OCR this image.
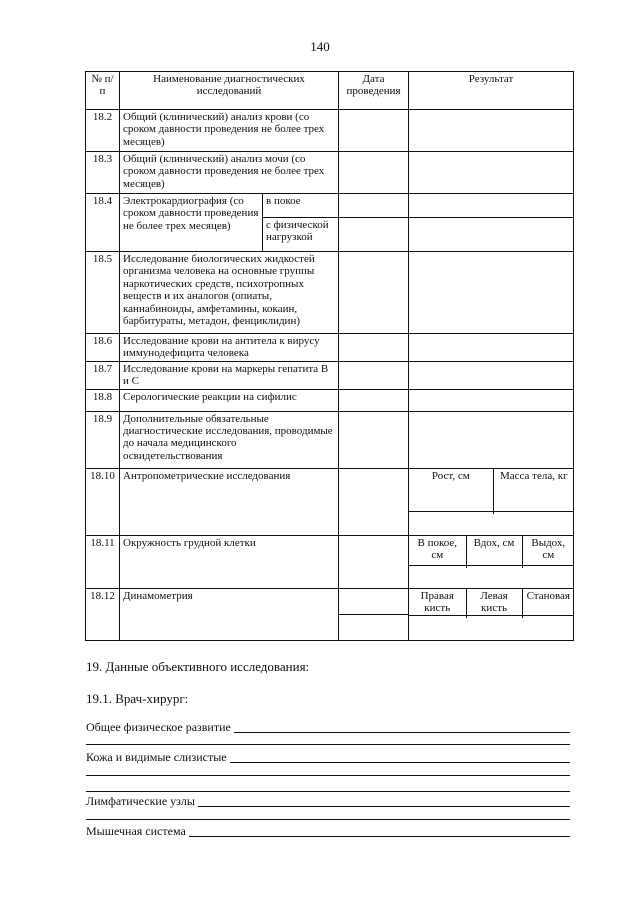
140
№ п/п	Наименование диагностических исследований	Дата проведения	Результат
18.2	Общий (клинический) анализ крови (со сроком давности проведения не более трех месяцев)		
18.3	Общий (клинический) анализ мочи (со сроком давности проведения не более трех месяцев)		
18.4	Электрокардиография (со сроком давности проведения не более трех месяцев)	в покое		
с физической нагрузкой		
18.5	Исследование биологических жидкостей организма человека на основные группы наркотических средств, психотропных веществ и их аналогов (опиаты, каннабиноиды, амфетамины, кокаин, барбитураты, метадон, фенциклидин)		
18.6	Исследование крови на антитела к вирусу иммунодефицита человека		
18.7	Исследование крови на маркеры гепатита В и С		
18.8	Серологические реакции на сифилис		
18.9	Дополнительные обязательные диагностические исследования, проводимые до начала медицинского освидетельствования		
18.10	Антропометрические исследования			Рост, см	Масса тела, кг

18.11	Окружность грудной клетки			В покое, см	Вдох, см	Выдох, см

18.12	Динамометрия	

		Правая кисть	Левая кисть	Становая

19. Данные объективного исследования:
19.1. Врач-хирург:
Общее физическое развитие
Кожа и видимые слизистые
Лимфатические узлы
Мышечная система
